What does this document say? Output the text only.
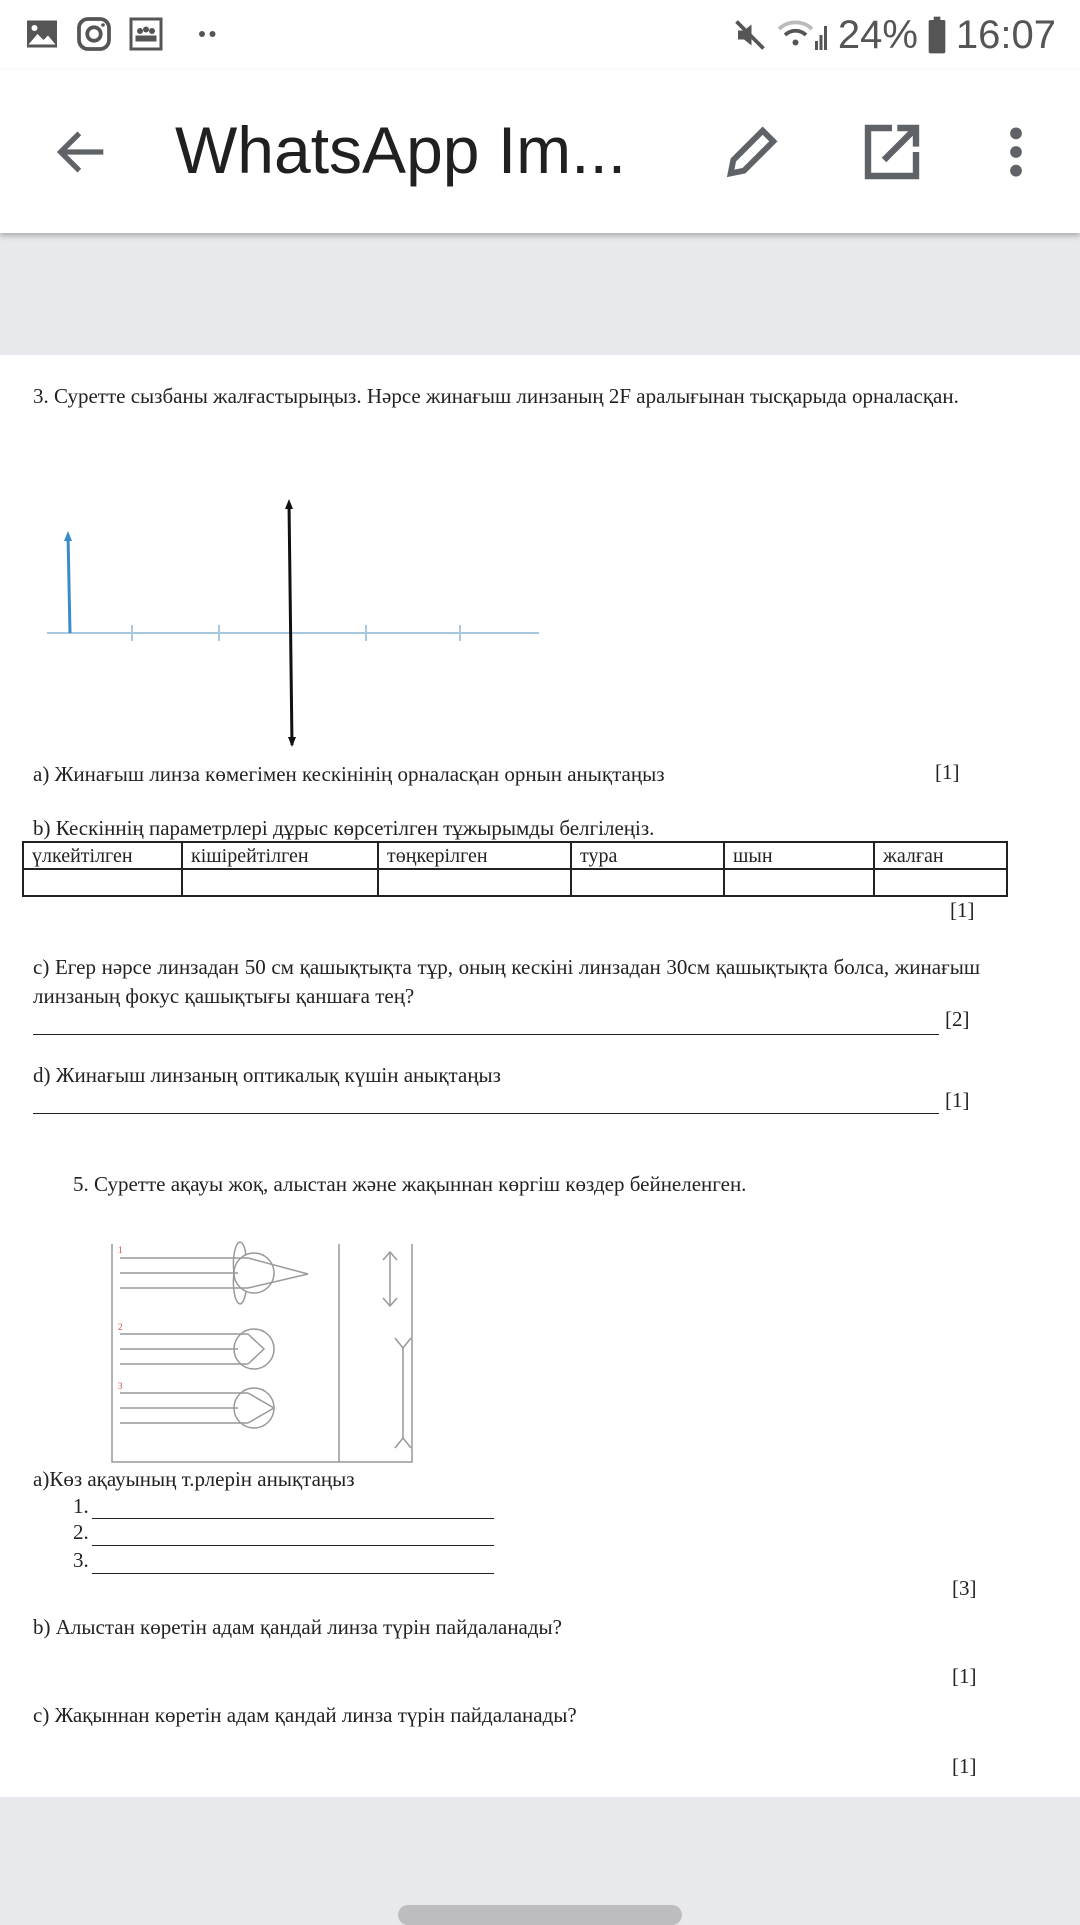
24% 16:07
WhatsApp Im...
3. Суретте сызбаны жалғастырыңыз. Нәрсе жинағыш линзаның 2F аралығынан тысқарыда орналасқан.
a) Жинағыш линза көмегімен кескінінің орналасқан орнын анықтаңыз	[1]
b) Кескіннің параметрлері дұрыс көрсетілген тұжырымды белгілеңіз.
үлкейтілген	кішірейтілген	төңкерілген	тура	шын	жалған

[1]
c) Егер нәрсе линзадан 50 см қашықтықта тұр, оның кескіні линзадан 30см қашықтықта болса, жинағыш линзаның фокус қашықтығы қаншаға тең?
[2]
d) Жинағыш линзаның оптикалық күшін анықтаңыз
[1]
5. Суретте ақауы жоқ, алыстан және жақыннан көргіш көздер бейнеленген.
1
2
3
а)Көз ақауының т.рлерін анықтаңыз
1.
2.
3.
[3]
b) Алыстан көретін адам қандай линза түрін пайдаланады?
[1]
c) Жақыннан көретін адам қандай линза түрін пайдаланады?
[1]
